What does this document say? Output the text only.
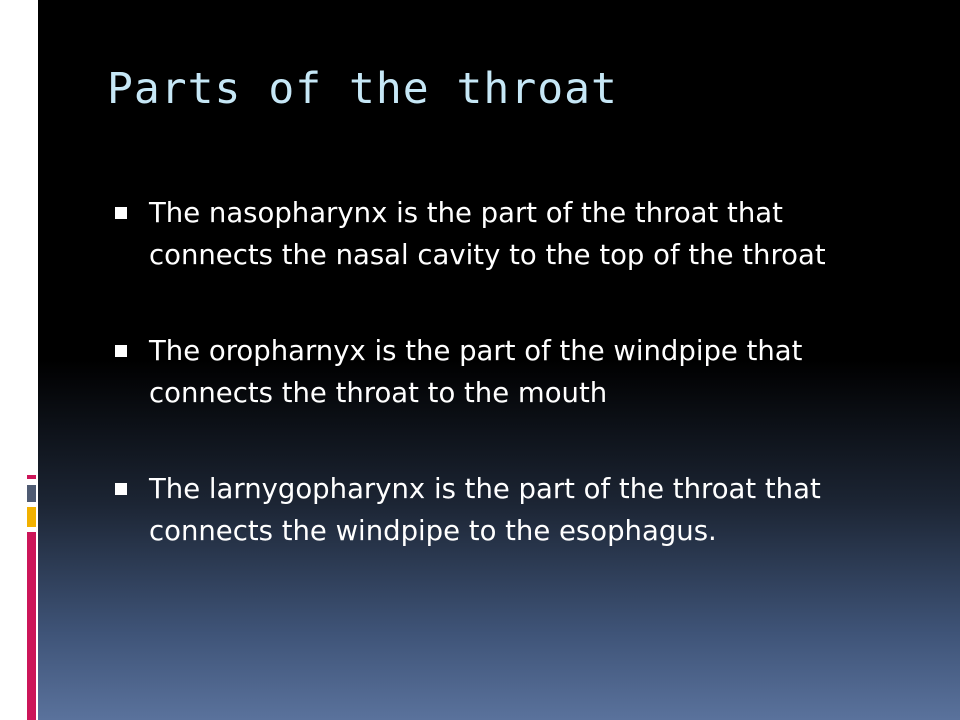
Parts of the throat
The nasopharynx is the part of the throat that connects the nasal cavity to the top of the throat
The oropharnyx is the part of the windpipe that connects the throat to the mouth
The larnygopharynx is the part of the throat that connects the windpipe to the esophagus.
